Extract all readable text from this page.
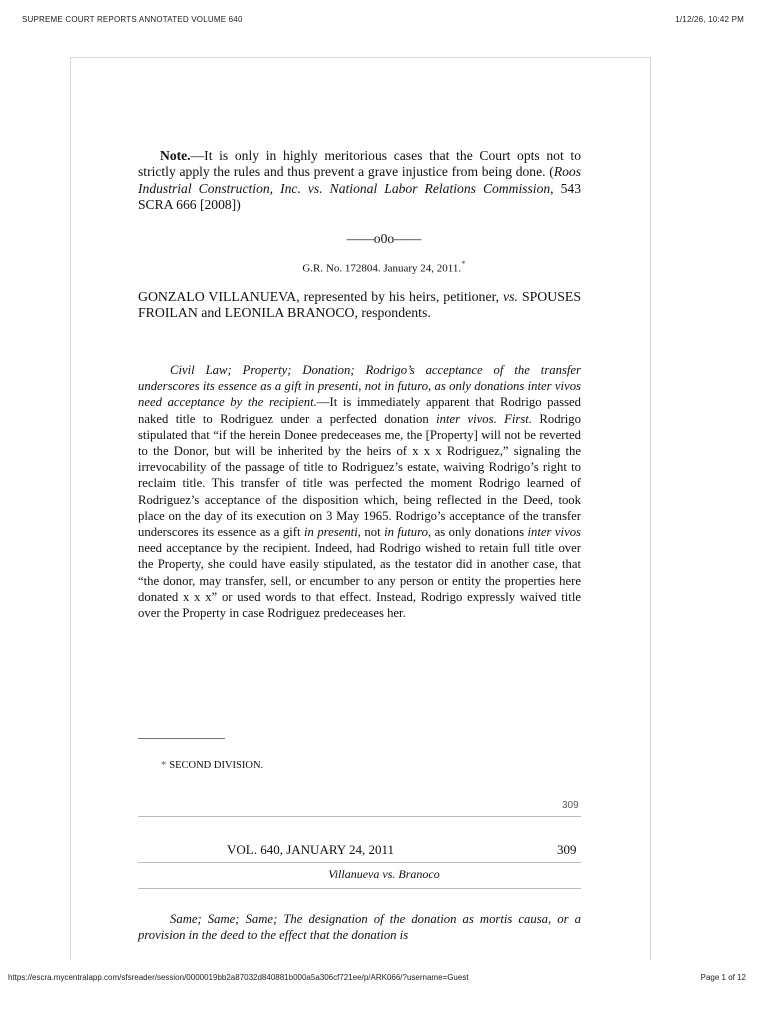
SUPREME COURT REPORTS ANNOTATED VOLUME 640	1/12/26, 10:42 PM
Note.—It is only in highly meritorious cases that the Court opts not to strictly apply the rules and thus prevent a grave injustice from being done. (Roos Industrial Construction, Inc. vs. National Labor Relations Commission, 543 SCRA 666 [2008])
——o0o——
G.R. No. 172804. January 24, 2011.*
GONZALO VILLANUEVA, represented by his heirs, petitioner, vs. SPOUSES FROILAN and LEONILA BRANOCO, respondents.

Civil Law; Property; Donation; Rodrigo’s acceptance of the transfer underscores its essence as a gift in presenti, not in futuro, as only donations inter vivos need acceptance by the recipient.—It is immediately apparent that Rodrigo passed naked title to Rodriguez under a perfected donation inter vivos. First. Rodrigo stipulated that “if the herein Donee predeceases me, the [Property] will not be reverted to the Donor, but will be inherited by the heirs of x x x Rodriguez,” signaling the irrevocability of the passage of title to Rodriguez’s estate, waiving Rodrigo’s right to reclaim title. This transfer of title was perfected the moment Rodrigo learned of Rodriguez’s acceptance of the disposition which, being reflected in the Deed, took place on the day of its execution on 3 May 1965. Rodrigo’s acceptance of the transfer underscores its essence as a gift in presenti, not in futuro, as only donations inter vivos need acceptance by the recipient. Indeed, had Rodrigo wished to retain full title over the Property, she could have easily stipulated, as the testator did in another case, that “the donor, may transfer, sell, or encumber to any person or entity the properties here donated x x x” or used words to that effect. Instead, Rodrigo expressly waived title over the Property in case Rodriguez predeceases her.

* SECOND DIVISION.
309
VOL. 640, JANUARY 24, 2011	309
Villanueva vs. Branoco

Same; Same; Same; The designation of the donation as mortis causa, or a provision in the deed to the effect that the donation is

https://escra.mycentralapp.com/sfsreader/session/0000019bb2a87032d840881b000a5a306cf721ee/p/ARK066/?username=Guest	Page 1 of 12
